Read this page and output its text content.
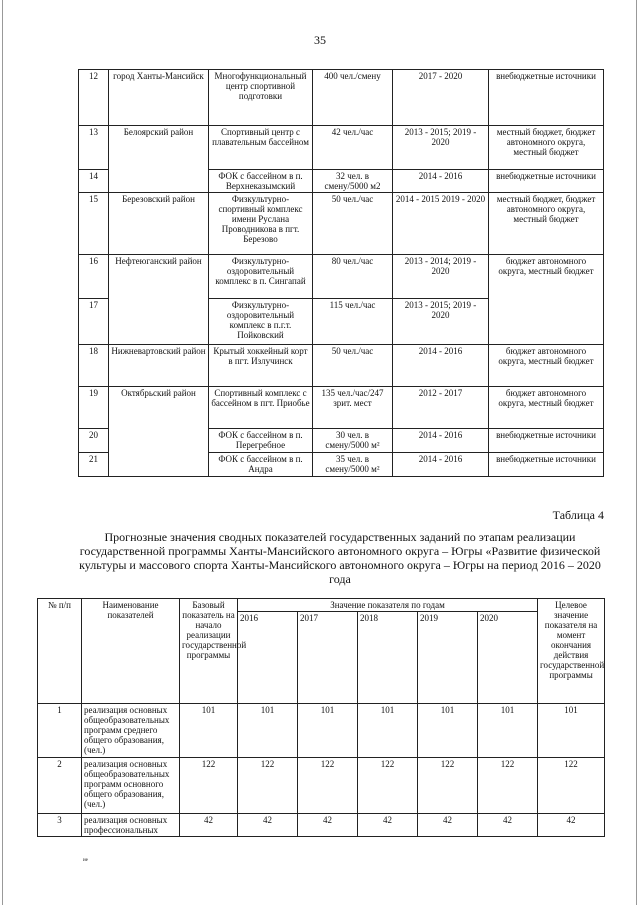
35
12	город Ханты-Мансийск	Многофункциональный центр спортивной подготовки	400 чел./смену	2017 - 2020	внебюджетные источники
13	Белоярский район	Спортивный центр с плавательным бассейном	42 чел./час	2013 - 2015; 2019 - 2020	местный бюджет, бюджет автономного округа, местный бюджет
14		ФОК с бассейном в п. Верхнеказымский	32 чел. в смену/5000 м2	2014 - 2016	внебюджетные источники
15	Березовский район	Физкультурно-спортивный комплекс имени Руслана Проводникова в пгт. Березово	50 чел./час	2014 - 2015 2019 - 2020	местный бюджет, бюджет автономного округа, местный бюджет
16	Нефтеюганский район	Физкультурно-оздоровительный комплекс в п. Сингапай	80 чел./час	2013 - 2014; 2019 - 2020	бюджет автономного округа, местный бюджет
17		Физкультурно-оздоровительный комплекс в п.г.т. Пойковский	115 чел./час	2013 - 2015; 2019 - 2020	
18	Нижневартовский район	Крытый хоккейный корт в пгт. Излучинск	50 чел./час	2014 - 2016	бюджет автономного округа, местный бюджет
19	Октябрьский район	Спортивный комплекс с бассейном в пгт. Приобье	135 чел./час/247 зрит. мест	2012 - 2017	бюджет автономного округа, местный бюджет
20		ФОК с бассейном в п. Перегребное	30 чел. в смену/5000 м²	2014 - 2016	внебюджетные источники
21		ФОК с бассейном в п. Андра	35 чел. в смену/5000 м²	2014 - 2016	внебюджетные источники
Таблица 4
Прогнозные значения сводных показателей государственных заданий по этапам реализации государственной программы Ханты-Мансийского автономного округа – Югры «Развитие физической культуры и массового спорта Ханты-Мансийского автономного округа – Югры на период 2016 – 2020 года
№ п/п	Наименование показателей	Базовый показатель на начало реализации государственной программы	Значение показателя по годам					Целевое значение показателя на момент окончания действия государственной программы
			2016	2017	2018	2019	2020	
1	реализация основных общеобразовательных программ среднего общего образования, (чел.)	101	101	101	101	101	101	101
2	реализация основных общеобразовательных программ основного общего образования, (чел.)	122	122	122	122	122	122	122
3	реализация основных профессиональных	42	42	42	42	42	42	42
ие
